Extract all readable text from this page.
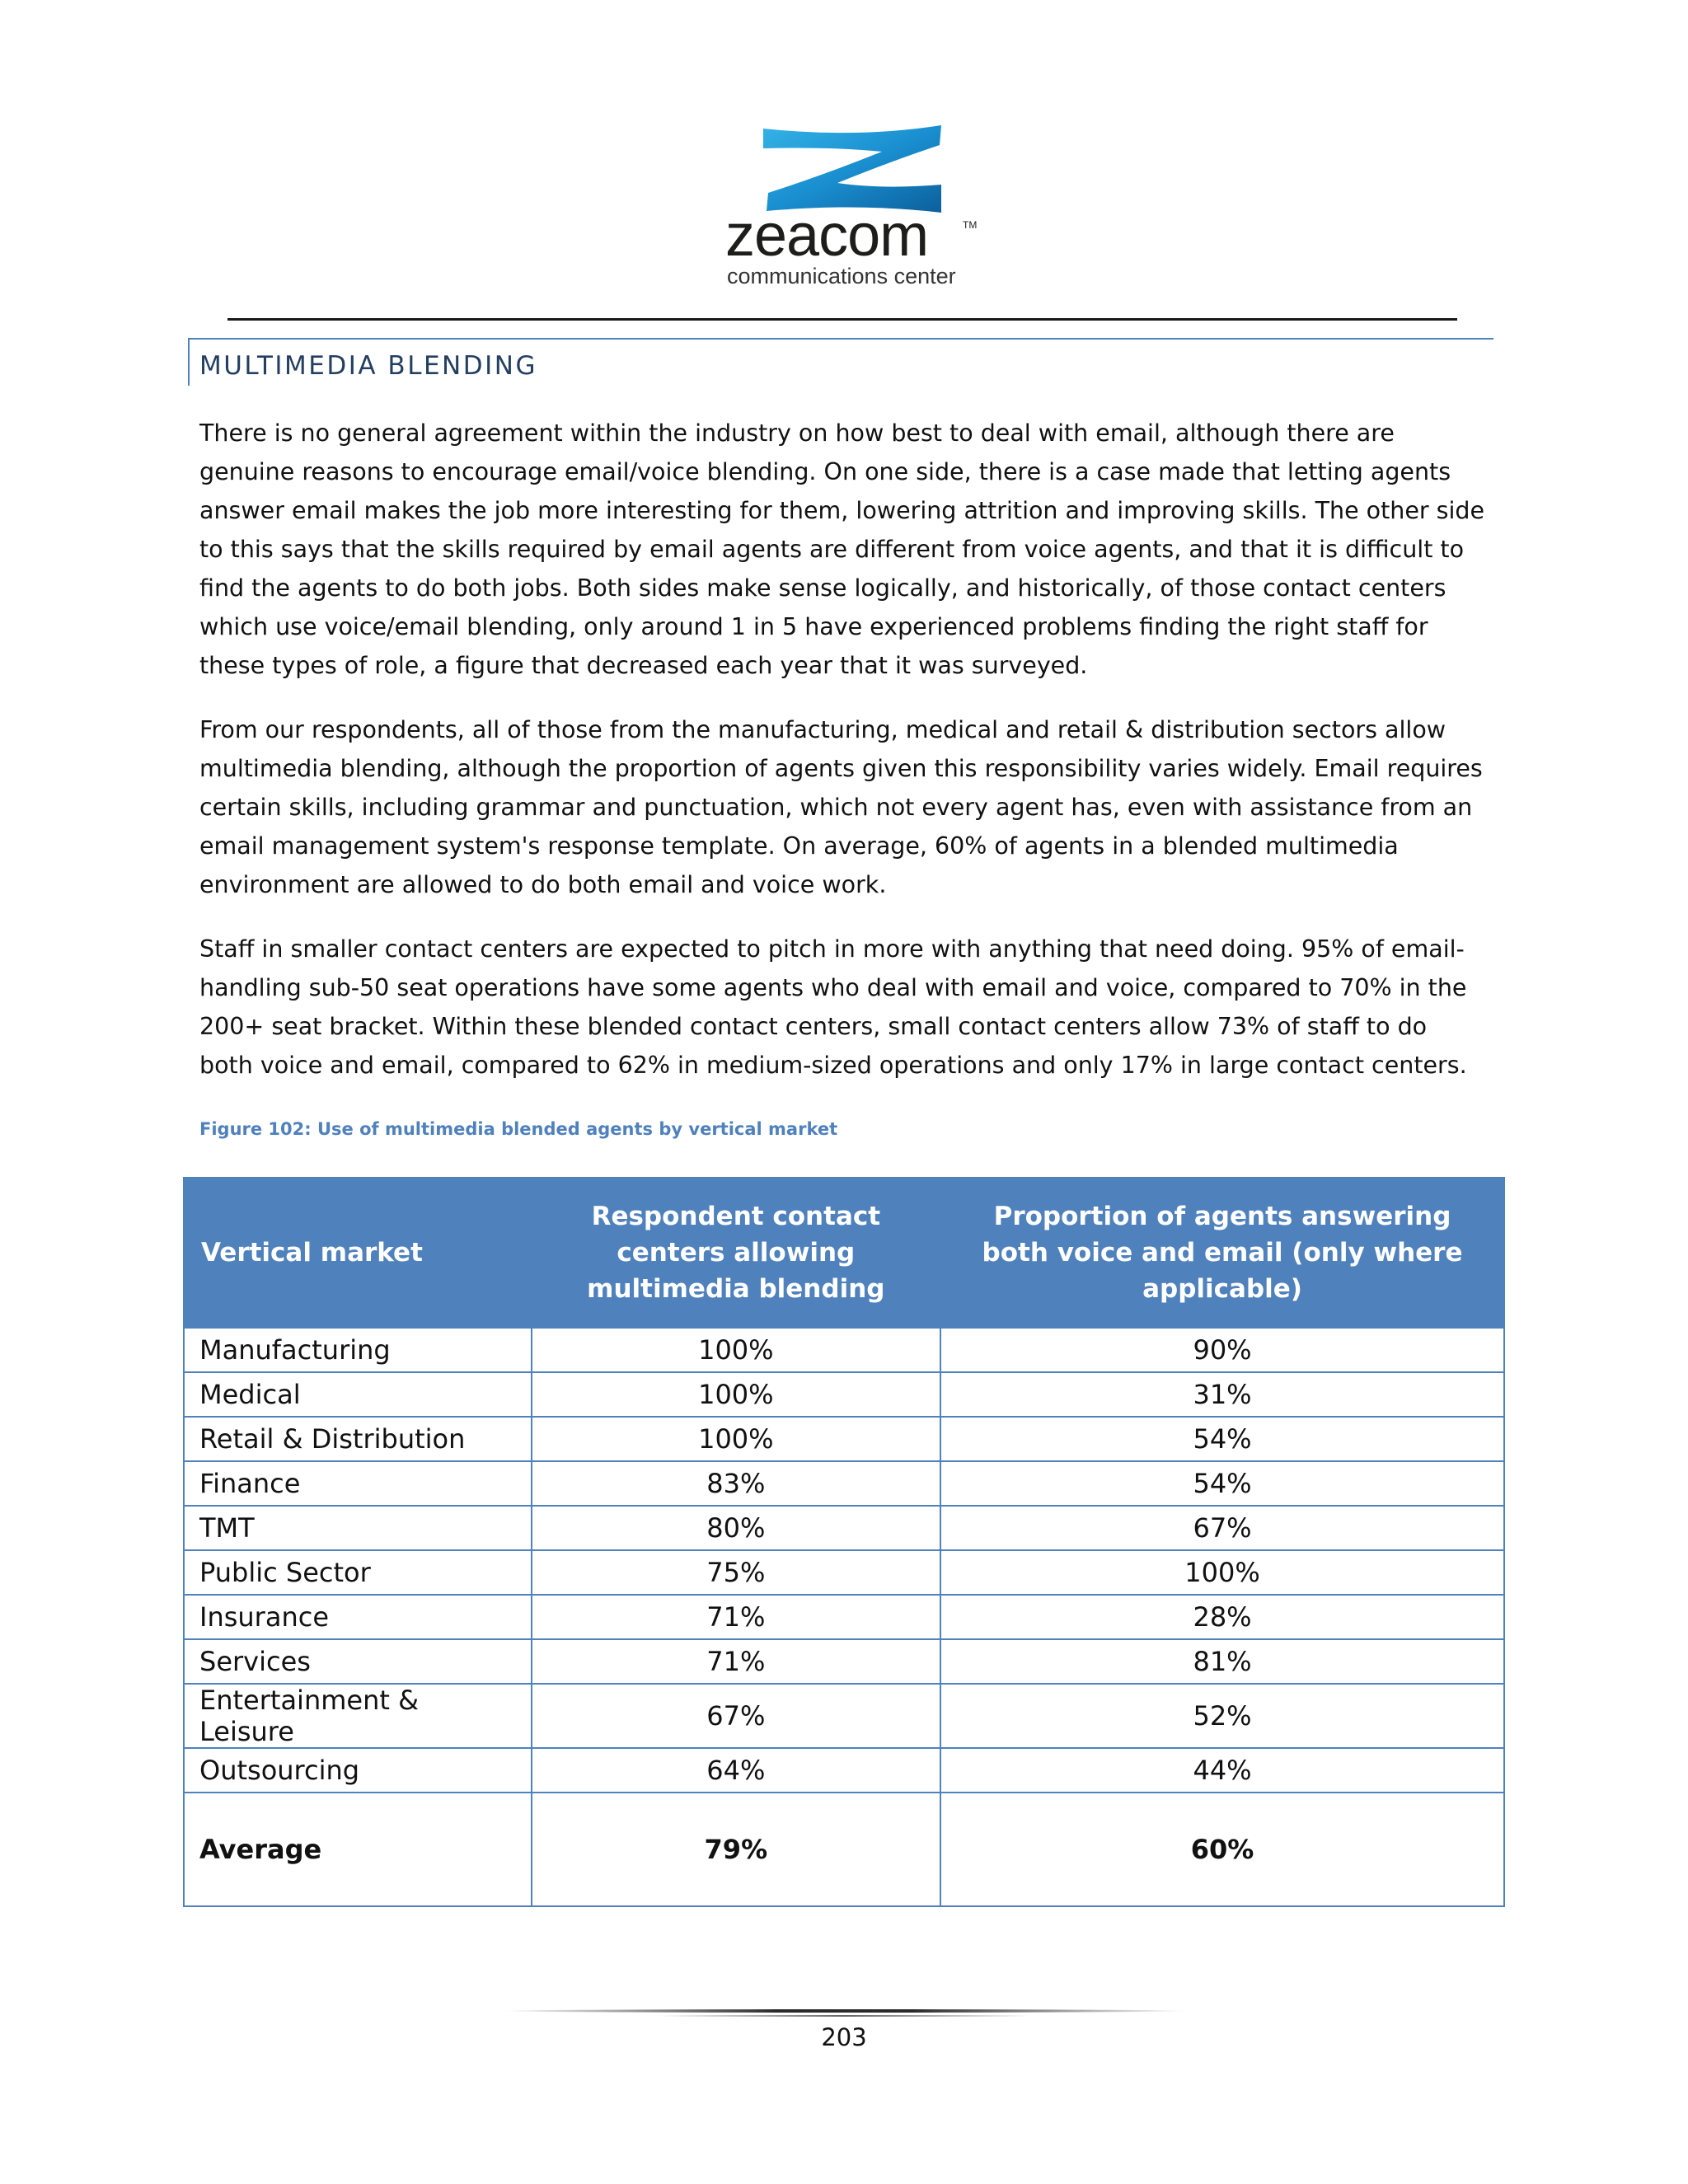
zeacom	TM
communications center
MULTIMEDIA BLENDING

There is no general agreement within the industry on how best to deal with email, although there are genuine reasons to encourage email/voice blending. On one side, there is a case made that letting agents answer email makes the job more interesting for them, lowering attrition and improving skills. The other side to this says that the skills required by email agents are different from voice agents, and that it is difficult to find the agents to do both jobs. Both sides make sense logically, and historically, of those contact centers which use voice/email blending, only around 1 in 5 have experienced problems finding the right staff for these types of role, a figure that decreased each year that it was surveyed.

From our respondents, all of those from the manufacturing, medical and retail & distribution sectors allow multimedia blending, although the proportion of agents given this responsibility varies widely. Email requires certain skills, including grammar and punctuation, which not every agent has, even with assistance from an email management system's response template. On average, 60% of agents in a blended multimedia environment are allowed to do both email and voice work.

Staff in smaller contact centers are expected to pitch in more with anything that need doing. 95% of email-handling sub-50 seat operations have some agents who deal with email and voice, compared to 70% in the 200+ seat bracket. Within these blended contact centers, small contact centers allow 73% of staff to do both voice and email, compared to 62% in medium-sized operations and only 17% in large contact centers.

Figure 102: Use of multimedia blended agents by vertical market
Vertical market	Respondent contact centers allowing multimedia blending	Proportion of agents answering both voice and email (only where applicable)
Manufacturing	100%	90%
Medical	100%	31%
Retail & Distribution	100%	54%
Finance	83%	54%
TMT	80%	67%
Public Sector	75%	100%
Insurance	71%	28%
Services	71%	81%
Entertainment & Leisure	67%	52%
Outsourcing	64%	44%
Average	79%	60%
203
